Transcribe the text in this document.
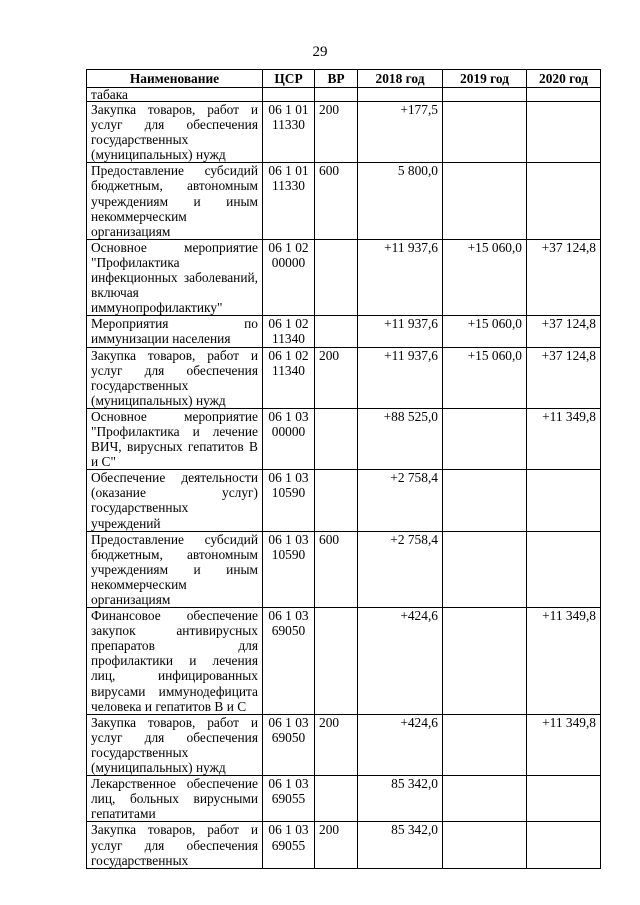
29
Наименование	ЦСР	ВР	2018 год	2019 год	2020 год
табака					
Закупка товаров, работ и услуг для обеспечения государственных (муниципальных) нужд	06 1 01 11330	200	+177,5		
Предоставление субсидий бюджетным, автономным учреждениям и иным некоммерческим организациям	06 1 01 11330	600	5 800,0		
Основное мероприятие "Профилактика инфекционных заболеваний, включая иммунопрофилактику"	06 1 02 00000		+11 937,6	+15 060,0	+37 124,8
Мероприятия по иммунизации населения	06 1 02 11340		+11 937,6	+15 060,0	+37 124,8
Закупка товаров, работ и услуг для обеспечения государственных (муниципальных) нужд	06 1 02 11340	200	+11 937,6	+15 060,0	+37 124,8
Основное мероприятие "Профилактика и лечение ВИЧ, вирусных гепатитов В и С"	06 1 03 00000		+88 525,0		+11 349,8
Обеспечение деятельности (оказание услуг) государственных учреждений	06 1 03 10590		+2 758,4		
Предоставление субсидий бюджетным, автономным учреждениям и иным некоммерческим организациям	06 1 03 10590	600	+2 758,4		
Финансовое обеспечение закупок антивирусных препаратов для профилактики и лечения лиц, инфицированных вирусами иммунодефицита человека и гепатитов В и С	06 1 03 69050		+424,6		+11 349,8
Закупка товаров, работ и услуг для обеспечения государственных (муниципальных) нужд	06 1 03 69050	200	+424,6		+11 349,8
Лекарственное обеспечение лиц, больных вирусными гепатитами	06 1 03 69055		85 342,0		
Закупка товаров, работ и услуг для обеспечения государственных	06 1 03 69055	200	85 342,0		
